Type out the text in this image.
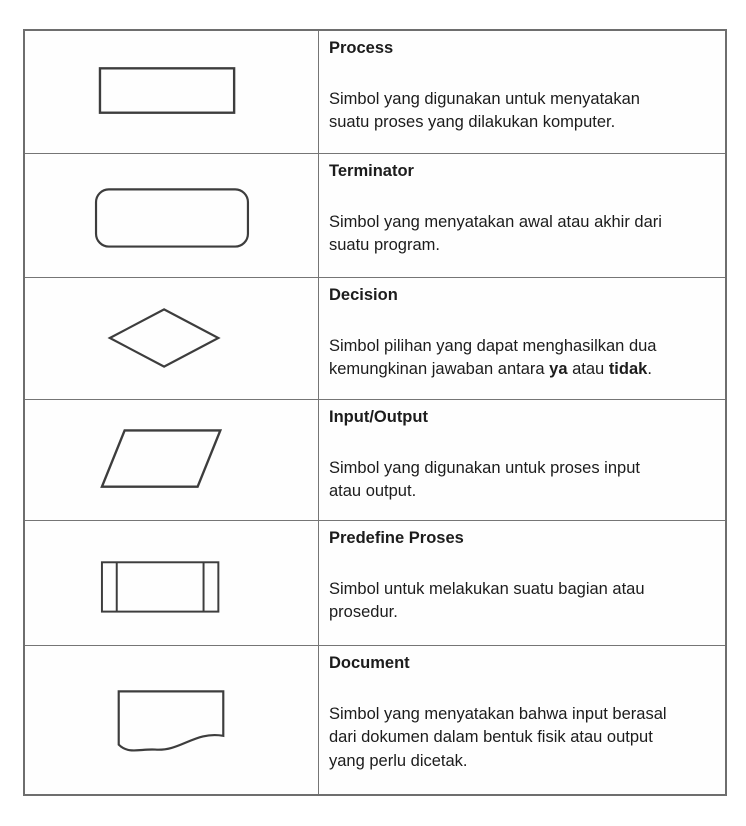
Process

Simbol yang digunakan untuk menyatakan
suatu proses yang dilakukan komputer.

Terminator

Simbol yang menyatakan awal atau akhir dari
suatu program.

Decision

Simbol pilihan yang dapat menghasilkan dua
kemungkinan jawaban antara ya atau tidak.

Input/Output

Simbol yang digunakan untuk proses input
atau output.

Predefine Proses

Simbol untuk melakukan suatu bagian atau
prosedur.

Document

Simbol yang menyatakan bahwa input berasal
dari dokumen dalam bentuk fisik atau output
yang perlu dicetak.
